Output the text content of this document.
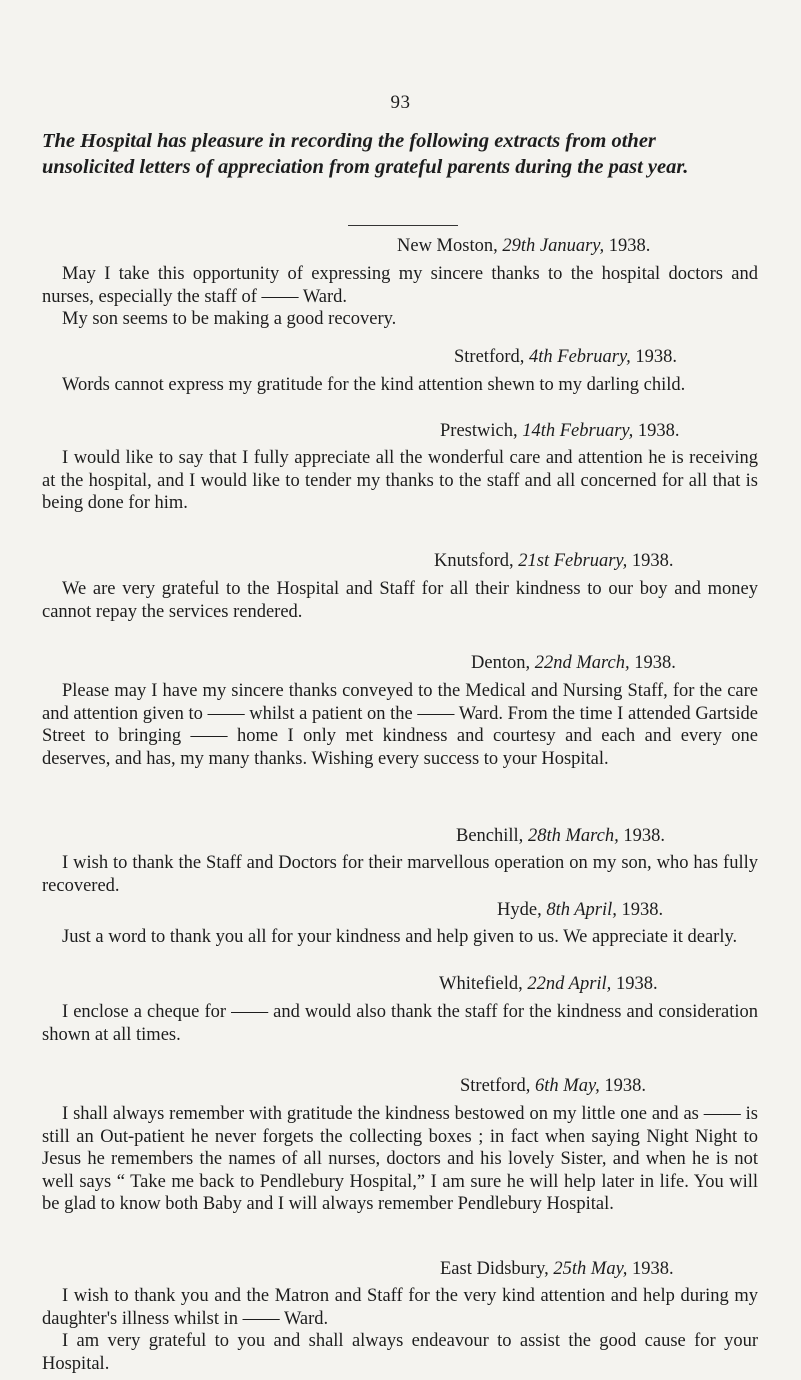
93
The Hospital has pleasure in recording the following extracts from other unsolicited letters of appreciation from grateful parents during the past year.
New Moston, 29th January, 1938.

May I take this opportunity of expressing my sincere thanks to the hospital doctors and nurses, especially the staff of —— Ward.

My son seems to be making a good recovery.

Stretford, 4th February, 1938.

Words cannot express my gratitude for the kind attention shewn to my darling child.

Prestwich, 14th February, 1938.

I would like to say that I fully appreciate all the wonderful care and attention he is receiving at the hospital, and I would like to tender my thanks to the staff and all concerned for all that is being done for him.

Knutsford, 21st February, 1938.

We are very grateful to the Hospital and Staff for all their kindness to our boy and money cannot repay the services rendered.

Denton, 22nd March, 1938.

Please may I have my sincere thanks conveyed to the Medical and Nursing Staff, for the care and attention given to —— whilst a patient on the —— Ward. From the time I attended Gartside Street to bringing —— home I only met kindness and courtesy and each and every one deserves, and has, my many thanks. Wishing every success to your Hospital.

Benchill, 28th March, 1938.

I wish to thank the Staff and Doctors for their marvellous operation on my son, who has fully recovered.

Hyde, 8th April, 1938.

Just a word to thank you all for your kindness and help given to us. We appreciate it dearly.

Whitefield, 22nd April, 1938.

I enclose a cheque for —— and would also thank the staff for the kindness and consideration shown at all times.

Stretford, 6th May, 1938.

I shall always remember with gratitude the kindness bestowed on my little one and as —— is still an Out-patient he never forgets the collecting boxes ; in fact when saying Night Night to Jesus he remembers the names of all nurses, doctors and his lovely Sister, and when he is not well says “ Take me back to Pendlebury Hospital,” I am sure he will help later in life. You will be glad to know both Baby and I will always remember Pendlebury Hospital.

East Didsbury, 25th May, 1938.

I wish to thank you and the Matron and Staff for the very kind attention and help during my daughter's illness whilst in —— Ward.

I am very grateful to you and shall always endeavour to assist the good cause for your Hospital.
